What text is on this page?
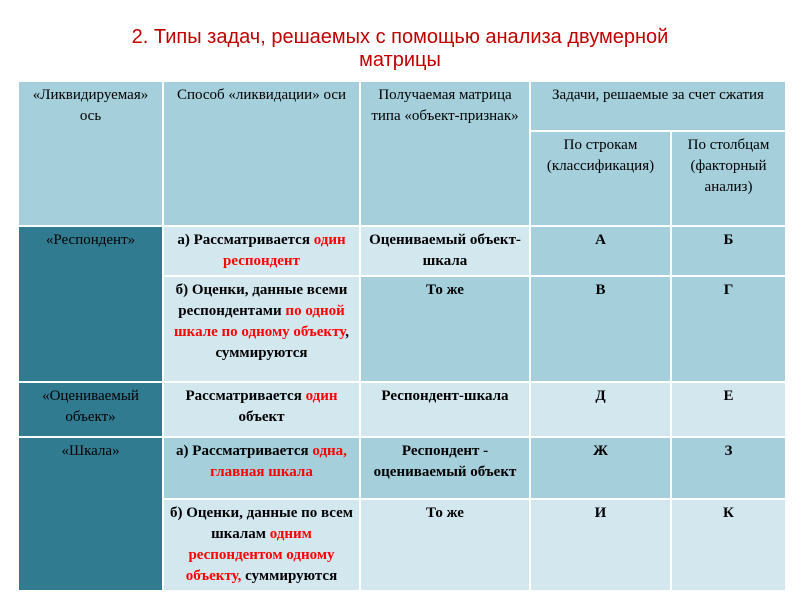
2. Типы задач, решаемых с помощью анализа двумерной
матрицы
«Ликвидируемая» ось	Способ «ликвидации» оси	Получаемая матрица типа «объект-признак»	Задачи, решаемые за счет сжатия	
			По строкам (классификация)	По столбцам (факторный анализ)
«Респондент»	а) Рассматривается один респондент	Оцениваемый объект-шкала	А	Б
	б) Оценки, данные всеми респондентами по одной шкале по одному объекту, суммируются	То же	В	Г
«Оцениваемый объект»	Рассматривается один объект	Респондент-шкала	Д	Е
«Шкала»	а) Рассматривается одна, главная шкала	Респондент - оцениваемый объект	Ж	З
	б) Оценки, данные по всем шкалам одним респондентом одному объекту, суммируются	То же	И	К
